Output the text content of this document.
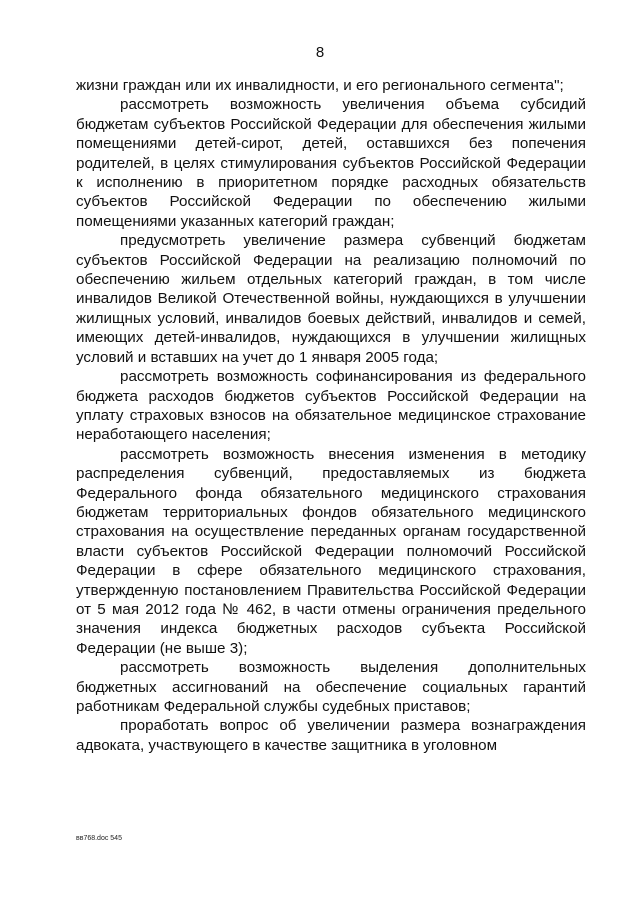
8

жизни граждан или их инвалидности, и его регионального сегмента";

рассмотреть возможность увеличения объема субсидий бюджетам субъектов Российской Федерации для обеспечения жилыми помещениями детей-сирот, детей, оставшихся без попечения родителей, в целях стимулирования субъектов Российской Федерации к исполнению в приоритетном порядке расходных обязательств субъектов Российской Федерации по обеспечению жилыми помещениями указанных категорий граждан;

предусмотреть увеличение размера субвенций бюджетам субъектов Российской Федерации на реализацию полномочий по обеспечению жильем отдельных категорий граждан, в том числе инвалидов Великой Отечественной войны, нуждающихся в улучшении жилищных условий, инвалидов боевых действий, инвалидов и семей, имеющих детей-инвалидов, нуждающихся в улучшении жилищных условий и вставших на учет до 1 января 2005 года;

рассмотреть возможность софинансирования из федерального бюджета расходов бюджетов субъектов Российской Федерации на уплату страховых взносов на обязательное медицинское страхование неработающего населения;

рассмотреть возможность внесения изменения в методику распределения субвенций, предоставляемых из бюджета Федерального фонда обязательного медицинского страхования бюджетам территориальных фондов обязательного медицинского страхования на осуществление переданных органам государственной власти субъектов Российской Федерации полномочий Российской Федерации в сфере обязательного медицинского страхования, утвержденную постановлением Правительства Российской Федерации от 5 мая 2012 года № 462, в части отмены ограничения предельного значения индекса бюджетных расходов субъекта Российской Федерации (не выше 3);

рассмотреть возможность выделения дополнительных бюджетных ассигнований на обеспечение социальных гарантий работникам Федеральной службы судебных приставов;

проработать вопрос об увеличении размера вознаграждения адвоката, участвующего в качестве защитника в уголовном

вв768.doc 545
